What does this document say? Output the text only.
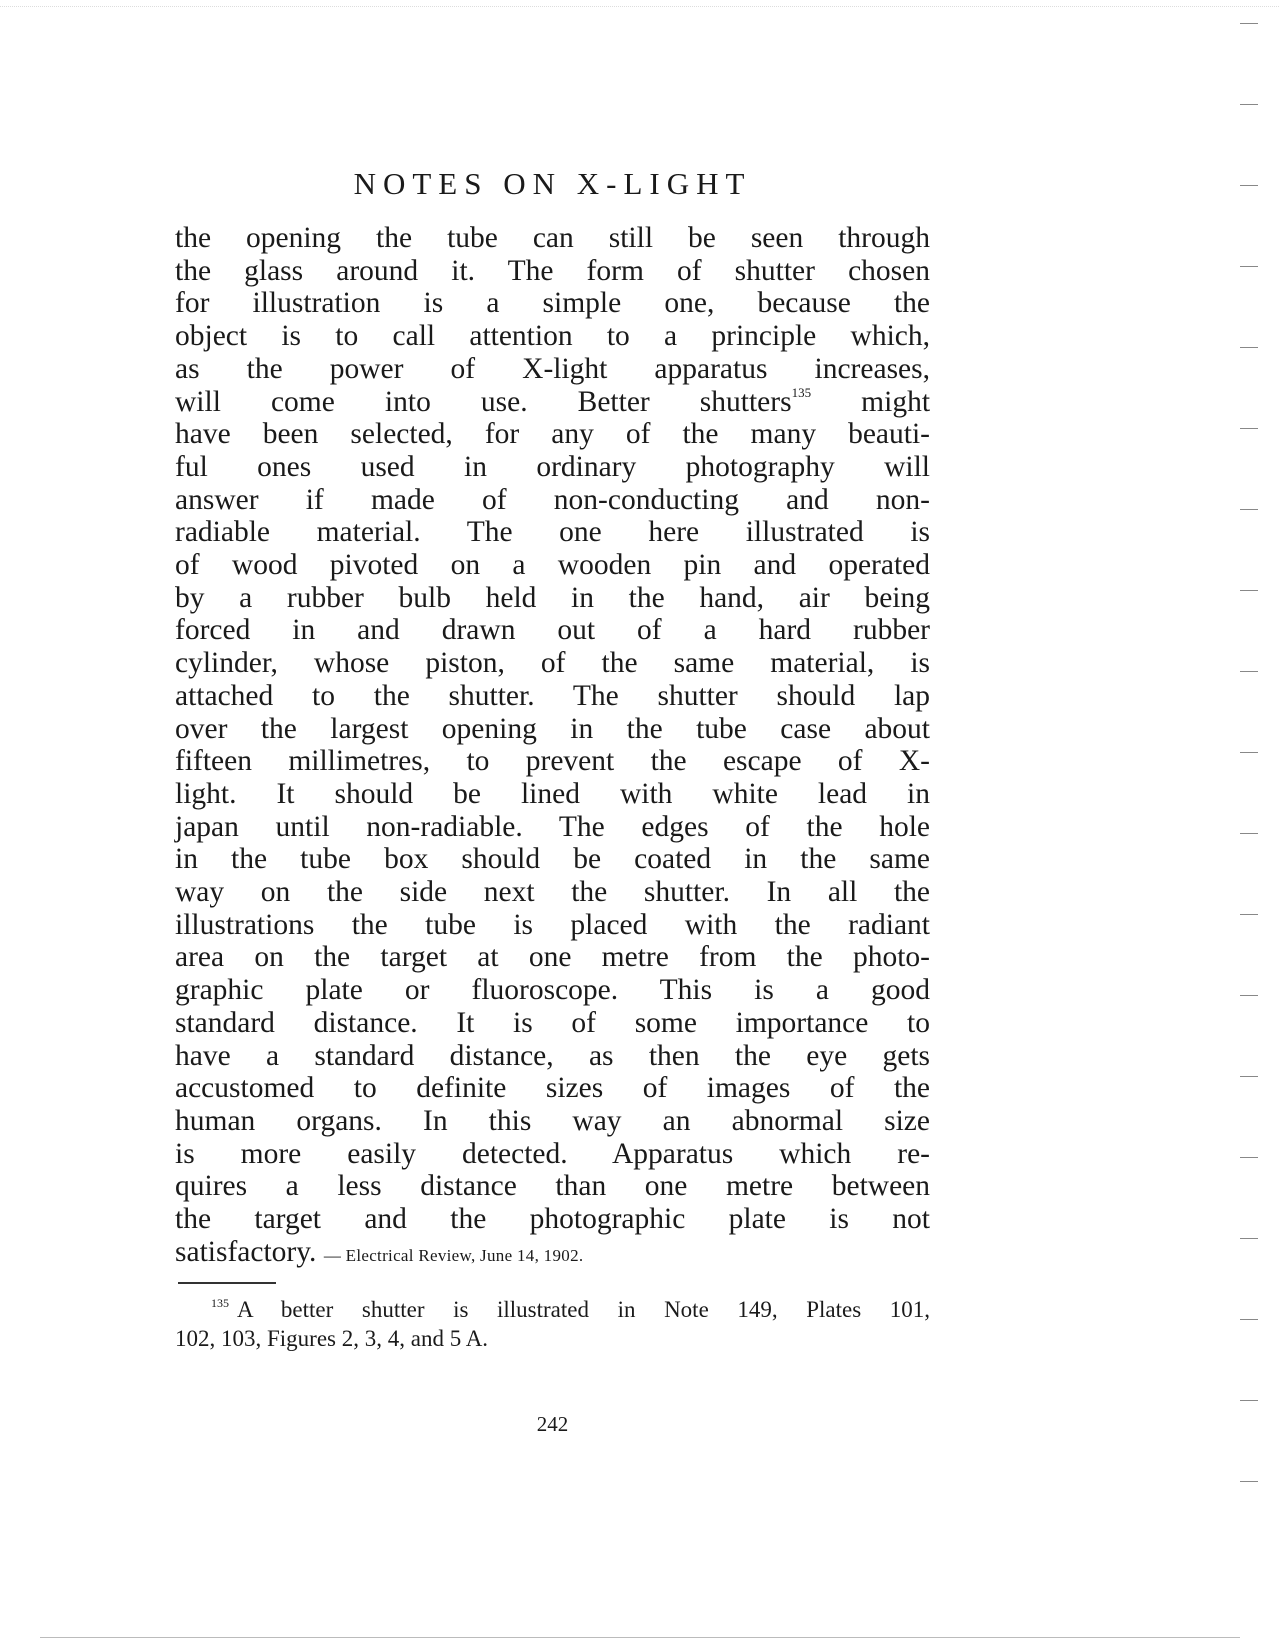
NOTES ON X-LIGHT
the opening the tube can still be seen through
the glass around it. The form of shutter chosen
for illustration is a simple one, because the
object is to call attention to a principle which,
as the power of X-light apparatus increases,
will come into use. Better shutters$^{135}$ might
have been selected, for any of the many beauti-
ful ones used in ordinary photography will
answer if made of non-conducting and non-
radiable material. The one here illustrated is
of wood pivoted on a wooden pin and operated
by a rubber bulb held in the hand, air being
forced in and drawn out of a hard rubber
cylinder, whose piston, of the same material, is
attached to the shutter. The shutter should lap
over the largest opening in the tube case about
fifteen millimetres, to prevent the escape of X-
light. It should be lined with white lead in
japan until non-radiable. The edges of the hole
in the tube box should be coated in the same
way on the side next the shutter. In all the
illustrations the tube is placed with the radiant
area on the target at one metre from the photo-
graphic plate or fluoroscope. This is a good
standard distance. It is of some importance to
have a standard distance, as then the eye gets
accustomed to definite sizes of images of the
human organs. In this way an abnormal size
is more easily detected. Apparatus which re-
quires a less distance than one metre between
the target and the photographic plate is not
satisfactory. — Electrical Review, June 14, 1902.
$^{135}$ A better shutter is illustrated in Note 149, Plates 101,
102, 103, Figures 2, 3, 4, and 5 A.
242
